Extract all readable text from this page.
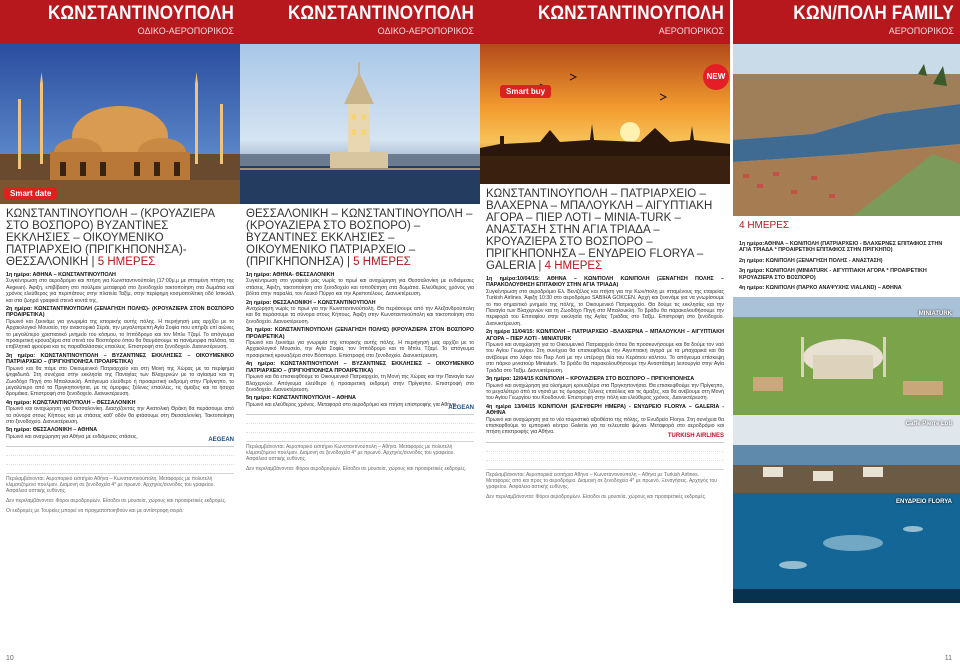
ΚΩΝΣΤΑΝΤΙΝΟΥΠΟΛΗ
ΟΔΙΚΟ-ΑΕΡΟΠΟΡΙΚΟΣ
Smart date
ΚΩΝΣΤΑΝΤΙΝΟΥΠΟΛΗ – (ΚΡΟΥΑΖΙΕΡΑ ΣΤΟ ΒΟΣΠΟΡΟ) ΒΥΖΑΝΤΙΝΕΣ ΕΚΚΛΗΣΙΕΣ – ΟΙΚΟΥΜΕΝΙΚΟ ΠΑΤΡΙΑΡΧΕΙΟ (ΠΡΙΓΚΗΠΟΝΗΣΑ)- ΘΕΣΣΑΛΟΝΙΚΗ | 5 ΗΜΕΡΕΣ
1η ημέρα: ΑΘΗΝΑ – ΚΩΝΣΤΑΝΤΙΝΟΥΠΟΛΗ
Συγκέντρωση στο αεροδρόμιο και πτήση για Κωνσταντινούπολη (17:00μ.μ με ιπταμένη πτήση της Aegean). Άφιξη, επιβίβαση στο πούλμαν μεταφορά στο ξενοδοχείο τακτοποίηση στα δωμάτια και χρόνος ελεύθερος για περιπάτους στην πλατεία Ταξίμ, στην περίφημη κοσμοπολίτικη οδό Ιστικλάλ και στα ζωηρά γραφικά στενά κοντά της.
2η ημέρα: ΚΩΝΣΤΑΝΤΙΝΟΥΠΟΛΗ (ΞΕΝΑΓΗΣΗ ΠΟΛΗΣ)- (ΚΡΟΥΑΖΙΕΡΑ ΣΤΟΝ ΒΟΣΠΟΡΟ ΠΡΟΑΙΡΕΤΙΚΑ)
Πρωινό και ξεκινάμε για γνωριμία της ιστορικής αυτής πόλης. Η περιήγησή μας αρχίζει με το Αρχαιολογικό Μουσείο, την ανακτορικό Σεράι, την μεγαλοπρεπή Αγία Σοφία που υπήρξε επί αιώνες το μεγαλύτερο χριστιανικό μνημείο του κόσμου, το Ιππόδρομο και τον Μπλε Τζαμί. Το απόγευμα προαιρετική κρουαζιέρα στα στενά του Βοσπόρου όπου θα θαυμάσουμε τα πανέμορφα παλάτια, τα επιβλητικά φρούρια και τις παραθαλάσσιες επαύλεις. Επιστροφή στο ξενοδοχείο. Διανυκτέρευση.
3η ημέρα: ΚΩΝΣΤΑΝΤΙΝΟΥΠΟΛΗ – ΒΥΖΑΝΤΙΝΕΣ ΕΚΚΛΗΣΙΕΣ – ΟΙΚΟΥΜΕΝΙΚΟ ΠΑΤΡΙΑΡΧΕΙΟ – (ΠΡΙΓΚΗΠΟΝΗΣΑ ΠΡΟΑΙΡΕΤΙΚΑ)
Πρωινό και θα πάμε στο Οικουμενικό Πατριαρχείο και στη Μονή της Χώρας με τα περίφημα ψηφιδωτά. Στη συνέχεια στην εκκλησία της Παναγίας των Βλαχερνών με το αγίασμα και τη Ζωοδόχο Πηγή στο Μπαλουκλή. Απόγευμα ελεύθερο ή προαιρετική εκδρομή στην Πρίγκηπο, το μεγαλύτερο από τα Πριγκηπονήσια, με τις όμορφες ξύλινες επαύλεις, τις άμαξες και τα ήσυχα δρομάκια. Επιστροφή στο ξενοδοχείο. Διανυκτέρευση.
4η ημέρα: ΚΩΝΣΤΑΝΤΙΝΟΥΠΟΛΗ – ΘΕΣΣΑΛΟΝΙΚΗ
Πρωινό και αναχώρηση για Θεσσαλονίκη. Διασχίζοντας την Ανατολική Θράκη θα περάσουμε από τα σύνορα στους Κήπους και με στάσεις καθ' οδόν θα φτάσουμε στη Θεσσαλονίκη. Τακτοποίηση στο ξενοδοχείο. Διανυκτέρευση.
5η ημέρα: ΘΕΣΣΑΛΟΝΙΚΗ – ΑΘΗΝΑ
Πρωινό και αναχώρηση για Αθήνα με ενδιάμεσες στάσεις.
AEGEAN
Περιλαμβάνονται: Αεροπορικό εισιτήριο Αθήνα – Κωνσταντινούπολη. Μεταφορές με πολυτελή κλιματιζόμενο πούλμαν. Διαμονή σε ξενοδοχεία 4* με πρωινό. Αρχηγός/συνοδός του γραφείου. Ασφάλεια αστικής ευθύνης.
Δεν περιλαμβάνονται: Φόροι αεροδρομίων. Είσοδοι σε μουσεία, χώρους και προαιρετικές εκδρομές.
Οι εκδρομές με Τουρκίες μπορεί να πραγματοποιηθούν και με αντίστροφη σειρά.
10
ΚΩΝΣΤΑΝΤΙΝΟΥΠΟΛΗ
ΟΔΙΚΟ-ΑΕΡΟΠΟΡΙΚΟΣ
ΘΕΣΣΑΛΟΝΙΚΗ – ΚΩΝΣΤΑΝΤΙΝΟΥΠΟΛΗ – (ΚΡΟΥΑΖΙΕΡΑ ΣΤΟ ΒΟΣΠΟΡΟ) – ΒΥΖΑΝΤΙΝΕΣ ΕΚΚΛΗΣΙΕΣ – ΟΙΚΟΥΜΕΝΙΚΟ ΠΑΤΡΙΑΡΧΕΙΟ – (ΠΡΙΓΚΗΠΟΝΗΣΑ) | 5 ΗΜΕΡΕΣ
1η ημέρα: ΑΘΗΝΑ- ΘΕΣΣΑΛΟΝΙΚΗ
Συγκέντρωση στο γραφείο μας νωρίς το πρωί και αναχώρηση για Θεσσαλονίκη με ενδιάμεσες στάσεις. Άφιξη, τακτοποίηση στο ξενοδοχείο και τοποθέτηση στα δωμάτια. Ελεύθερος χρόνος για βόλτα στην παραλία, τον Λευκό Πύργο και την Αριστοτέλους. Διανυκτέρευση.
2η ημέρα: ΘΕΣΣΑΛΟΝΙΚΗ – ΚΩΝΣΤΑΝΤΙΝΟΥΠΟΛΗ
Αναχώρηση νωρίς το πρωί για την Κωνσταντινούπολη. Θα περάσουμε από την Αλεξανδρούπολη και θα περάσουμε τα σύνορα στους Κήπους. Άφιξη στην Κωνσταντινούπολη και τακτοποίηση στο ξενοδοχείο. Διανυκτέρευση.
3η ημέρα: ΚΩΝΣΤΑΝΤΙΝΟΥΠΟΛΗ (ΞΕΝΑΓΗΣΗ ΠΟΛΗΣ) (ΚΡΟΥΑΖΙΕΡΑ ΣΤΟΝ ΒΟΣΠΟΡΟ ΠΡΟΑΙΡΕΤΙΚΑ)
Πρωινό και ξεκινάμε για γνωριμία της ιστορικής αυτής πόλης. Η περιήγησή μας αρχίζει με το Αρχαιολογικό Μουσείο, την Αγία Σοφία, τον Ιππόδρομο και το Μπλε Τζαμί. Το απόγευμα προαιρετική κρουαζιέρα στον Βόσπορο. Επιστροφή στο ξενοδοχείο. Διανυκτέρευση.
4η ημέρα: ΚΩΝΣΤΑΝΤΙΝΟΥΠΟΛΗ – ΒΥΖΑΝΤΙΝΕΣ ΕΚΚΛΗΣΙΕΣ – ΟΙΚΟΥΜΕΝΙΚΟ ΠΑΤΡΙΑΡΧΕΙΟ – (ΠΡΙΓΚΗΠΟΝΗΣΑ ΠΡΟΑΙΡΕΤΙΚΑ)
Πρωινό και θα επισκεφθούμε το Οικουμενικό Πατριαρχείο, τη Μονή της Χώρας και την Παναγία των Βλαχερνών. Απόγευμα ελεύθερο ή προαιρετική εκδρομή στην Πρίγκηπο. Επιστροφή στο ξενοδοχείο. Διανυκτέρευση.
5η ημέρα: ΚΩΝΣΤΑΝΤΙΝΟΥΠΟΛΗ – ΑΘΗΝΑ
Πρωινό και ελεύθερος χρόνος. Μεταφορά στο αεροδρόμιο και πτήση επιστροφής για Αθήνα.
AEGEAN
Περιλαμβάνονται: Αεροπορικό εισιτήριο Κωνσταντινούπολη – Αθήνα. Μεταφορές με πολυτελή κλιματιζόμενο πούλμαν. Διαμονή σε ξενοδοχεία 4* με πρωινό. Αρχηγός/συνοδός του γραφείου. Ασφάλεια αστικής ευθύνης.
Δεν περιλαμβάνονται: Φόροι αεροδρομίων. Είσοδοι σε μουσεία, χώρους και προαιρετικές εκδρομές.
ΚΩΝΣΤΑΝΤΙΝΟΥΠΟΛΗ
ΑΕΡΟΠΟΡΙΚΟΣ
Smart buy
ΚΩΝΣΤΑΝΤΙΝΟΥΠΟΛΗ – ΠΑΤΡΙΑΡΧΕΙΟ – ΒΛΑΧΕΡΝΑ – ΜΠΑΛΟΥΚΛΗ – ΑΙΓΥΠΤΙΑΚΗ ΑΓΟΡΑ – ΠΙΕΡ ΛΟΤΙ – MINIA-TURK – ΑΝΑΣΤΑΣΗ ΣΤΗΝ ΑΓΙΑ ΤΡΙΑΔΑ – ΚΡΟΥΑΖΙΕΡΑ ΣΤΟ ΒΟΣΠΟΡΟ – ΠΡΙΓΚΗΠΟΝΗΣΑ – ΕΝΥΔΡΕΙΟ FLORYA – GALERIA | 4 ΗΜΕΡΕΣ
1η ημέρα:10/04/15: ΑΘΗΝΑ – ΚΩΝ/ΠΟΛΗ ΚΩΝ/ΠΟΛΗ (ΞΕΝΑΓΗΣΗ ΠΟΛΗΣ –ΠΑΡΑΚΟΛΟΥΘΗΣΗ ΕΠΙΤΑΦΙΟΥ ΣΤΗΝ ΑΓΙΑ ΤΡΙΑΔΑ)
Συγκέντρωση στο αεροδρόμιο Ελ. Βενιζέλος και πτήση για την Κων/πολη με ιπταμένους της εταιρείας Turkish Airlines. Άφιξη 10:30 στο αεροδρόμιο SABIHA GOKCEN. Αρχή και ξεκινάμε για να γνωρίσουμε το πιο σημαντικό μνημείο της πόλης, το Οικουμενικό Πατριαρχείο. Θα δούμε τις εκκλησίες και την Παναγία των Βλαχερνών και τη Ζωοδόχο Πηγή στο Μπαλουκλή. Το βράδυ θα παρακολουθήσουμε την περιφορά του Επιταφίου στην εκκλησία της Αγίας Τριάδας στο Ταξίμ. Επιστροφή στο ξενοδοχείο. Διανυκτέρευση.
2η ημέρα 11/04/15: ΚΩΝ/ΠΟΛΗ – ΠΑΤΡΙΑΡΧΕΙΟ –ΒΛΑΧΕΡΝΑ – ΜΠΑΛΟΥΚΛΗ – ΑΙΓΥΠΤΙΑΚΗ ΑΓΟΡΑ – ΠΙΕΡ ΛΟΤΙ - MINIATURK
Πρωινό και αναχώρηση για το Οικουμενικό Πατριαρχείο όπου θα προσκυνήσουμε και θα δούμε τον ναό του Αγίου Γεωργίου. Στη συνέχεια θα επισκεφθούμε την Αιγυπτιακή αγορά με τα μπαχαρικά και θα ανέβουμε στο λόφο του Πιερ Λοτί με την υπέροχη θέα του Κεράτιου κόλπου. Το απόγευμα επίσκεψη στο πάρκο μινιατούρ Miniaturk. Το βράδυ θα παρακολουθήσουμε την Αναστάσιμη λειτουργία στην Αγία Τριάδα στο Ταξίμ. Διανυκτέρευση.
3η ημέρα: 12/04/15 ΚΩΝ/ΠΟΛΗ – ΚΡΟΥΑΖΙΕΡΑ ΣΤΟ ΒΟΣΠΟΡΟ – ΠΡΙΓΚΗΠΟΝΗΣΑ
Πρωινό και αναχώρηση για ολοήμερη κρουαζιέρα στα Πριγκηπονήσια. Θα επισκεφθούμε την Πρίγκηπο, το μεγαλύτερο από τα νησιά με τις όμορφες ξύλινες επαύλεις και τις άμαξες, και θα ανέβουμε στη Μονή του Αγίου Γεωργίου του Κουδουνά. Επιστροφή στην πόλη και ελεύθερος χρόνος. Διανυκτέρευση.
4η ημέρα 13/04/15 ΚΩΝ/ΠΟΛΗ (ΕΛΕΥΘΕΡΗ ΗΜΕΡΑ) - ΕΝΥΔΡΕΙΟ FLORYA – GALERIA - ΑΘΗΝΑ
Πρωινό και αναχώρηση για το νέο τουριστικό αξιοθέατο της πόλης, το Ενυδρείο Florya. Στη συνέχεια θα επισκεφθούμε το εμπορικό κέντρο Galeria για τα τελευταία ψώνια. Μεταφορά στο αεροδρόμιο και πτήση επιστροφής για Αθήνα.
TURKISH AIRLINES
Περιλαμβάνονται: Αεροπορικά εισιτήρια Αθήνα – Κωνσταντινούπολη – Αθήνα με Turkish Airlines. Μεταφορές από και προς το αεροδρόμιο. Διαμονή σε ξενοδοχείο 4* με πρωινό. Ξεναγήσεις. Αρχηγός του γραφείου. Ασφάλεια αστικής ευθύνης.
Δεν περιλαμβάνονται: Φόροι αεροδρομίων. Είσοδοι σε μουσεία, χώρους και προαιρετικές εκδρομές.
ΚΩΝ/ΠΟΛΗ FAMILY
ΑΕΡΟΠΟΡΙΚΟΣ
NEW
4 ΗΜΕΡΕΣ
1η ημέρα:ΑΘΗΝΑ – ΚΩΝ/ΠΟΛΗ (ΠΑΤΡΙΑΡΧΕΙΟ - ΒΛΑΧΕΡΝΕΣ ΕΠΙΤΑΦΙΟΣ ΣΤΗΝ ΑΓΙΑ ΤΡΙΑΔΑ * ΠΡΟΑΙΡΕΤΙΚΗ ΕΠΙΤΑΦΙΟΣ ΣΤΗΝ ΠΡΙΓΚΗΠΟ)
2η ημέρα: ΚΩΝ/ΠΟΛΗ (ΞΕΝΑΓΗΣΗ ΠΟΛΗΣ - ΑΝΑΣΤΑΣΗ)
3η ημέρα: ΚΩΝ/ΠΟΛΗ (MINIATURK - ΑΙΓΥΠΤΙΑΚΗ ΑΓΟΡΑ * ΠΡΟΑΙΡΕΤΙΚΗ ΚΡΟΥΑΖΙΕΡΑ ΣΤΟ ΒΟΣΠΟΡΟ)
4η ημέρα: ΚΩΝ/ΠΟΛΗ (ΠΑΡΚΟ ΑΝΑΨΥΧΗΣ VIALAND) – ΑΘΗΝΑ
MINIATURK
Caffe Pierre Loti
ΕΝΥΔΡΕΙΟ FLORYA
11
